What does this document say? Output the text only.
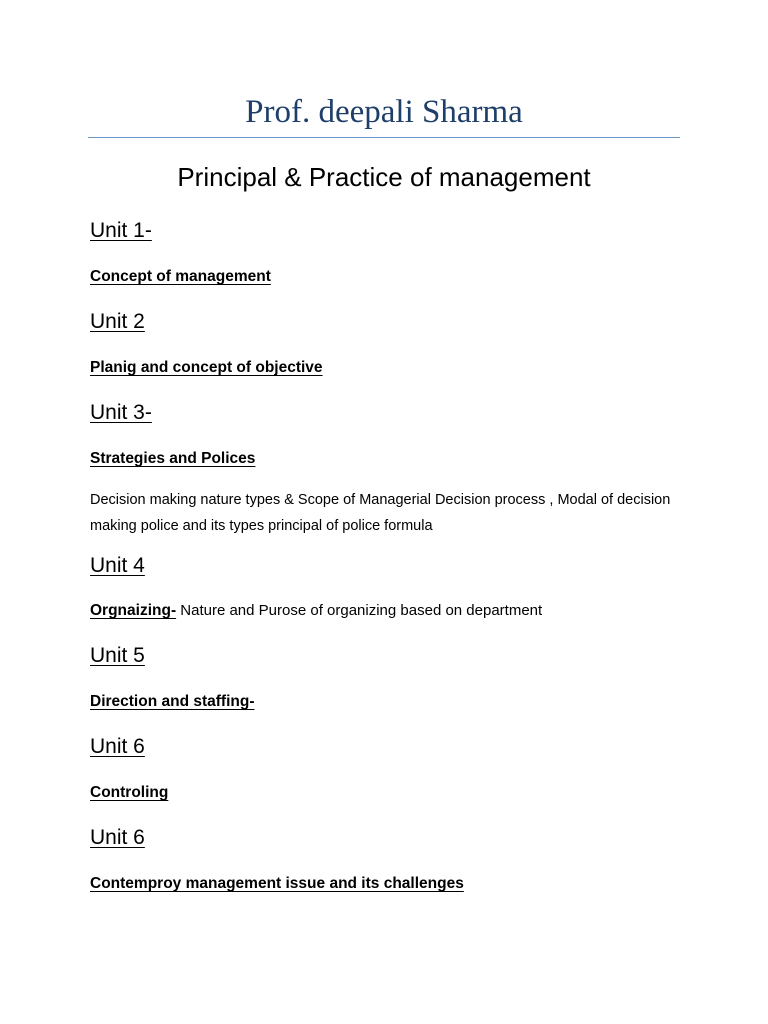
Prof. deepali Sharma
Principal & Practice of management
Unit 1-
Concept of management
Unit 2
Planig and concept of objective
Unit 3-
Strategies and Polices
Decision making nature types & Scope of Managerial Decision process , Modal of decision making police and its types principal of police formula
Unit 4
Orgnaizing- Nature and Purose of organizing based on department
Unit 5
Direction and staffing-
Unit 6
Controling
Unit 6
Contemproy management issue and its challenges
